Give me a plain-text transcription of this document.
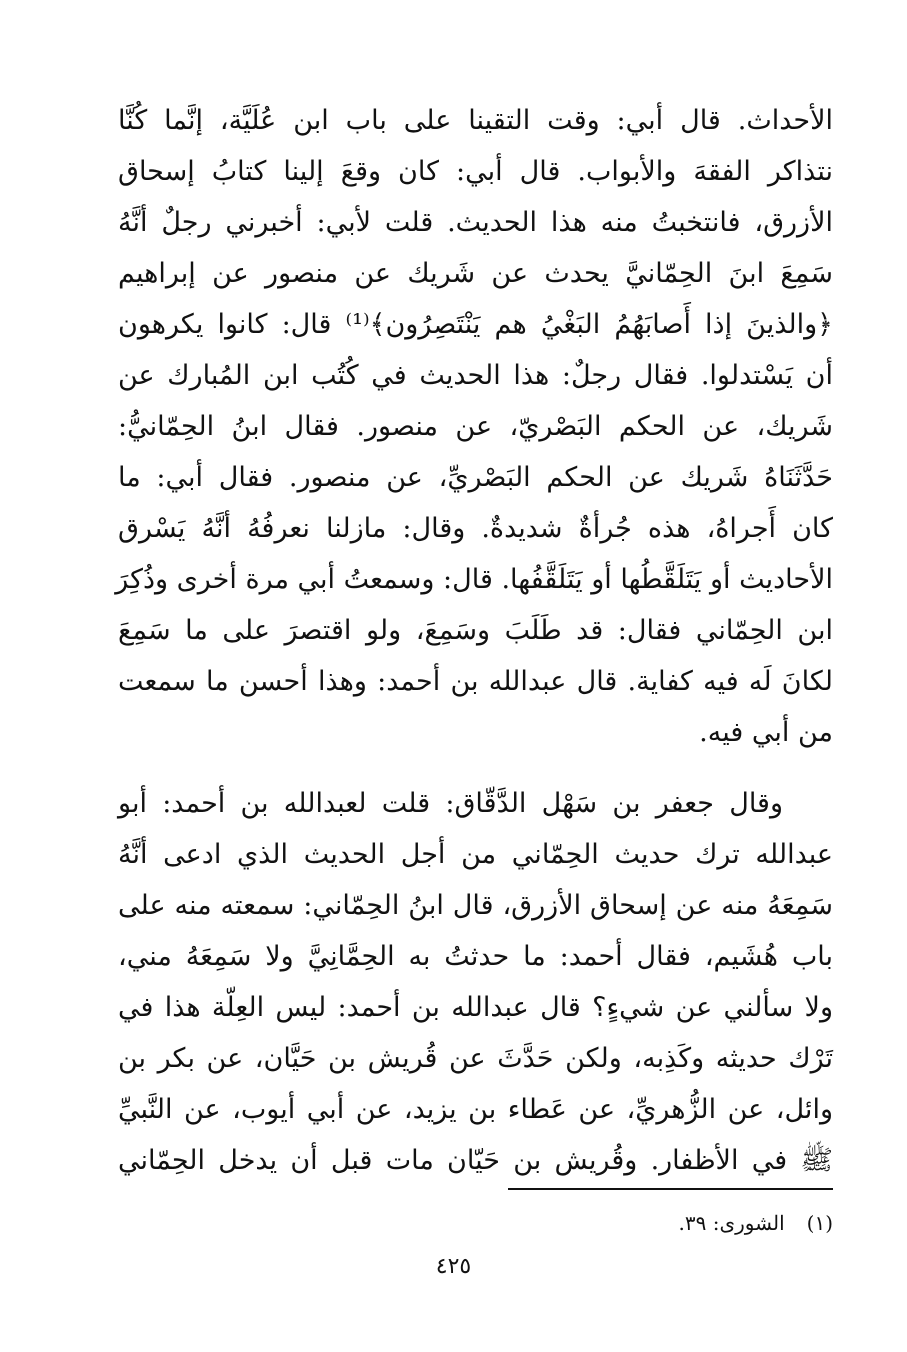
الأحداث. قال أبي: وقت التقينا على باب ابن عُلَيَّة، إنَّما كُنَّا
نتذاكر الفقهَ والأبواب. قال أبي: كان وقعَ إلينا كتابُ إسحاق
الأزرق، فانتخبتُ منه هذا الحديث. قلت لأبي: أخبرني رجلٌ أنَّهُ
سَمِعَ ابنَ الحِمّانيَّ يحدث عن شَريك عن منصور عن إبراهيم
﴿والذينَ إذا أَصابَهُمُ البَغْيُ هم يَنْتَصِرُون﴾⁽¹⁾ قال: كانوا يكرهون
أن يَسْتدلوا. فقال رجلٌ: هذا الحديث في كُتُب ابن المُبارك عن
شَريك، عن الحكم البَصْريّ، عن منصور. فقال ابنُ الحِمّانيُّ:
حَدَّثَنَاهُ شَريك عن الحكم البَصْريِّ، عن منصور. فقال أبي: ما
كان أَجراهُ، هذه جُرأةٌ شديدةٌ. وقال: مازلنا نعرفُهُ أنَّهُ يَسْرق
الأحاديث أو يَتَلَقَّطُها أو يَتَلَقَّفُها. قال: وسمعتُ أبي مرة أخرى وذُكِرَ
ابن الحِمّاني فقال: قد طَلَبَ وسَمِعَ، ولو اقتصرَ على ما سَمِعَ
لكانَ لَه فيه كفاية. قال عبدالله بن أحمد: وهذا أحسن ما سمعت
من أبي فيه.
وقال جعفر بن سَهْل الدَّقّاق: قلت لعبدالله بن أحمد: أبو
عبدالله ترك حديث الحِمّاني من أجل الحديث الذي ادعى أنَّهُ
سَمِعَهُ منه عن إسحاق الأزرق، قال ابنُ الحِمّاني: سمعته منه على
باب هُشَيم، فقال أحمد: ما حدثتُ به الحِمَّانِيَّ ولا سَمِعَهُ مني،
ولا سألني عن شيءٍ؟ قال عبدالله بن أحمد: ليس العِلّة هذا في
تَرْك حديثه وكَذِبه، ولكن حَدَّثَ عن قُريش بن حَيَّان، عن بكر بن
وائل، عن الزُّهريِّ، عن عَطاء بن يزيد، عن أبي أيوب، عن النَّبيِّ
ﷺ في الأظفار. وقُريش بن حَيّان مات قبل أن يدخل الحِمّاني
(١)الشورى: ٣٩.
٤٢٥
